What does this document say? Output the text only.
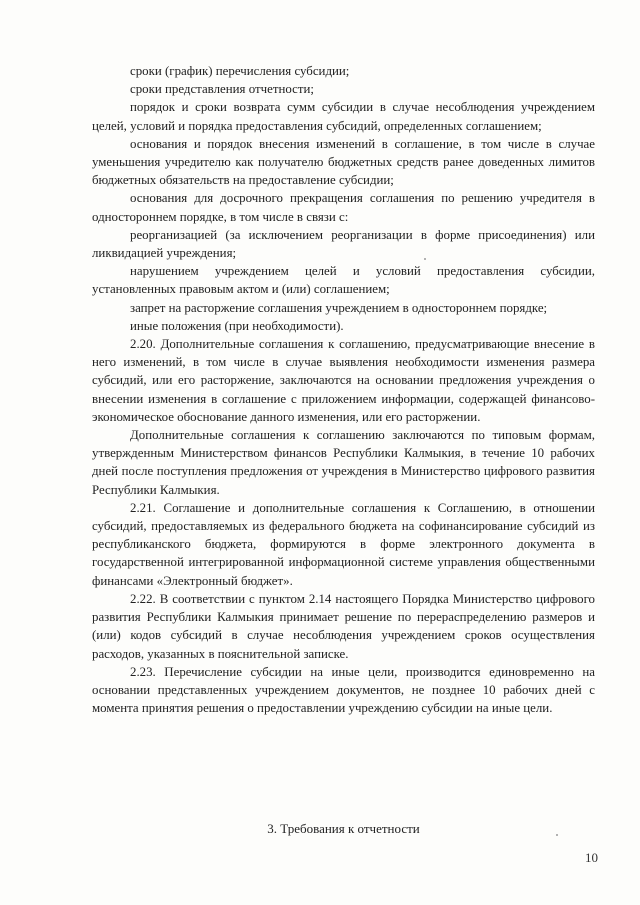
сроки (график) перечисления субсидии;

сроки представления отчетности;

порядок и сроки возврата сумм субсидии в случае несоблюдения учреждением целей, условий и порядка предоставления субсидий, определенных соглашением;

основания и порядок внесения изменений в соглашение, в том числе в случае уменьшения учредителю как получателю бюджетных средств ранее доведенных лимитов бюджетных обязательств на предоставление субсидии;

основания для досрочного прекращения соглашения по решению учредителя в одностороннем порядке, в том числе в связи с:

реорганизацией (за исключением реорганизации в форме присоединения) или ликвидацией учреждения;

нарушением учреждением целей и условий предоставления субсидии, установленных правовым актом и (или) соглашением;

запрет на расторжение соглашения учреждением в одностороннем порядке;

иные положения (при необходимости).

2.20. Дополнительные соглашения к соглашению, предусматривающие внесение в него изменений, в том числе в случае выявления необходимости изменения размера субсидий, или его расторжение, заключаются на основании предложения учреждения о внесении изменения в соглашение с приложением информации, содержащей финансово-экономическое обоснование данного изменения, или его расторжении.

Дополнительные соглашения к соглашению заключаются по типовым формам, утвержденным Министерством финансов Республики Калмыкия, в течение 10 рабочих дней после поступления предложения от учреждения в Министерство цифрового развития Республики Калмыкия.

2.21. Соглашение и дополнительные соглашения к Соглашению, в отношении субсидий, предоставляемых из федерального бюджета на софинансирование субсидий из республиканского бюджета, формируются в форме электронного документа в государственной интегрированной информационной системе управления общественными финансами «Электронный бюджет».

2.22. В соответствии с пунктом 2.14 настоящего Порядка Министерство цифрового развития Республики Калмыкия принимает решение по перераспределению размеров и (или) кодов субсидий в случае несоблюдения учреждением сроков осуществления расходов, указанных в пояснительной записке.

2.23. Перечисление субсидии на иные цели, производится единовременно на основании представленных учреждением документов, не позднее 10 рабочих дней с момента принятия решения о предоставлении учреждению субсидии на иные цели.

3. Требования к отчетности
10
